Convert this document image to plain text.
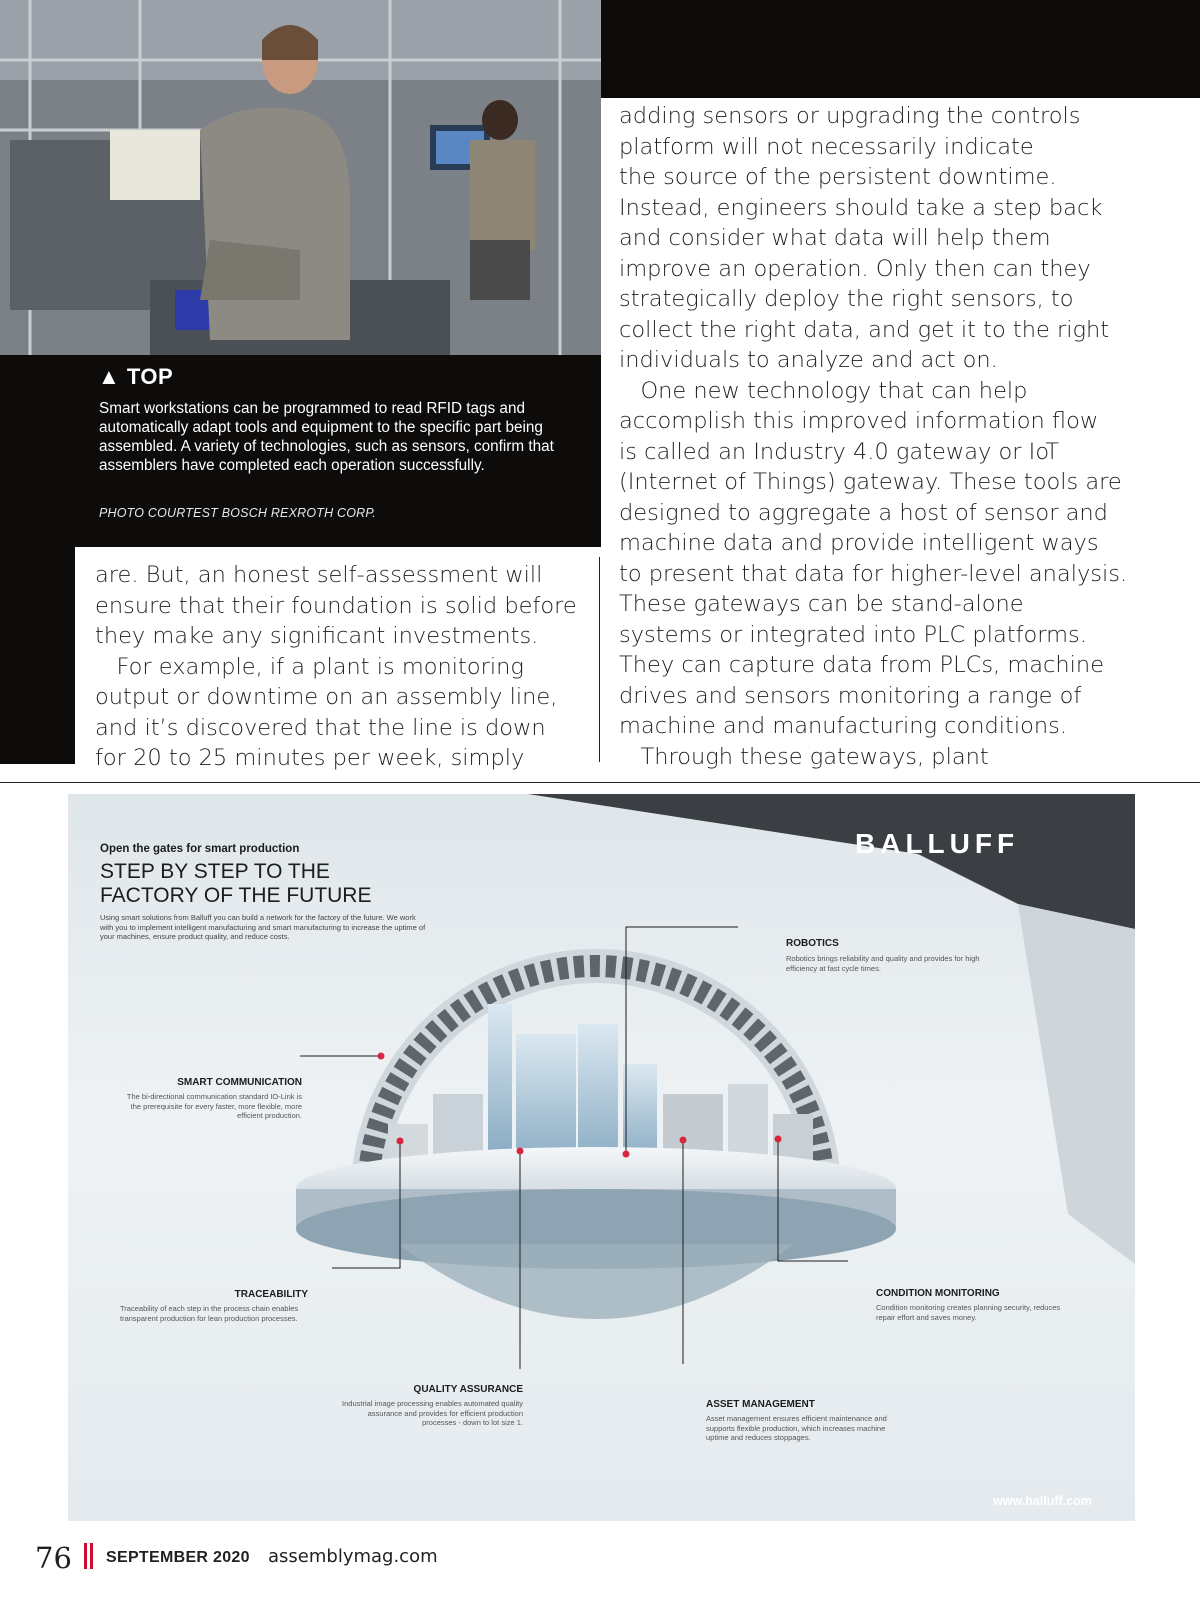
▲ TOP
Smart workstations can be programmed to read RFID tags and automatically adapt tools and equipment to the specific part being assembled. A variety of technologies, such as sensors, confirm that assemblers have completed each operation successfully.
PHOTO COURTEST BOSCH REXROTH CORP.
adding sensors or upgrading the controls
platform will not necessarily indicate
the source of the persistent downtime.
Instead, engineers should take a step back
and consider what data will help them
improve an operation. Only then can they
strategically deploy the right sensors, to
collect the right data, and get it to the right
individuals to analyze and act on.
One new technology that can help
accomplish this improved information flow
is called an Industry 4.0 gateway or IoT
(Internet of Things) gateway. These tools are
designed to aggregate a host of sensor and
machine data and provide intelligent ways
to present that data for higher-level analysis.
These gateways can be stand-alone
systems or integrated into PLC platforms.
They can capture data from PLCs, machine
drives and sensors monitoring a range of
machine and manufacturing conditions.
Through these gateways, plant
are. But, an honest self-assessment will
ensure that their foundation is solid before
they make any significant investments.
For example, if a plant is monitoring
output or downtime on an assembly line,
and it’s discovered that the line is down
for 20 to 25 minutes per week, simply
Open the gates for smart production
STEP BY STEP TO THE
FACTORY OF THE FUTURE
Using smart solutions from Balluff you can build a network for the factory of the future. We work with you to implement intelligent manufacturing and smart manufacturing to increase the uptime of your machines, ensure product quality, and reduce costs.
BALLUFF
www.balluff.com
ROBOTICS
Robotics brings reliability and quality and provides for high efficiency at fast cycle times.
SMART COMMUNICATION
The bi-directional communication standard IO-Link is the prerequisite for every faster, more flexible, more efficient production.
TRACEABILITY
Traceability of each step in the process chain enables transparent production for lean production processes.
CONDITION MONITORING
Condition monitoring creates planning security, reduces repair effort and saves money.
QUALITY ASSURANCE
Industrial image processing enables automated quality assurance and provides for efficient production processes - down to lot size 1.
ASSET MANAGEMENT
Asset management ensures efficient maintenance and supports flexible production, which increases machine uptime and reduces stoppages.
76 SEPTEMBER 2020 assemblymag.com
